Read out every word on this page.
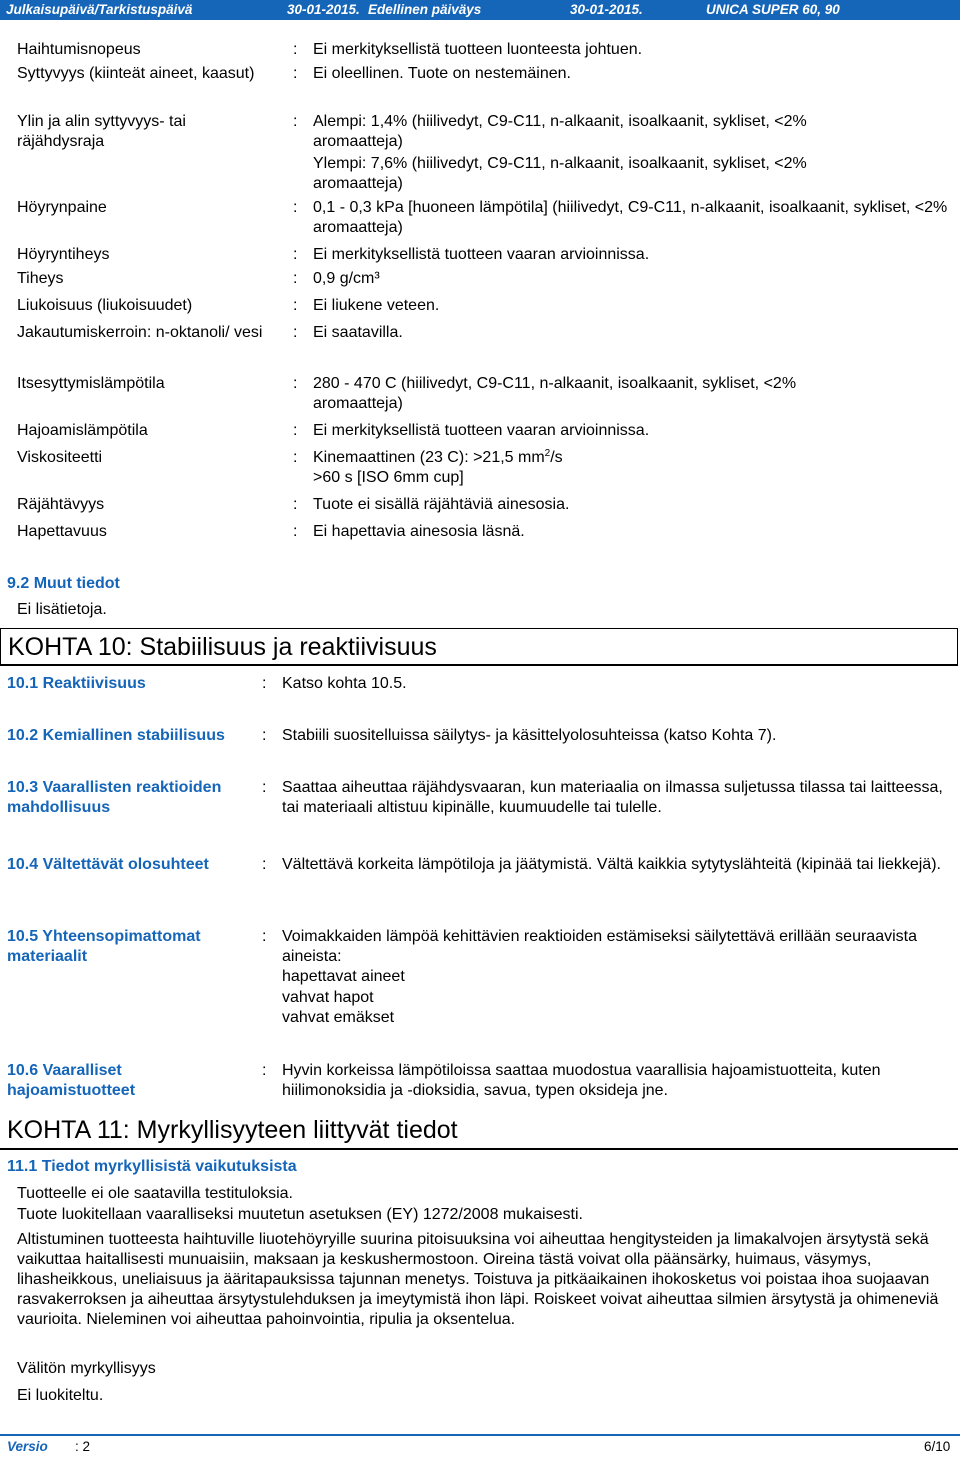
Julkaisupäivä/Tarkistuspäivä	30-01-2015. Edellinen päiväys	30-01-2015.	UNICA SUPER 60, 90
Haihtumisnopeus	: Ei merkityksellistä tuotteen luonteesta johtuen.
Syttyvyys (kiinteät aineet, kaasut) : Ei oleellinen. Tuote on nestemäinen.
Ylin ja alin syttyvyys- tai räjähdysraja
: Alempi: 1,4% (hiilivedyt, C9-C11, n-alkaanit, isoalkaanit, sykliset, <2% aromaatteja)
Ylempi: 7,6% (hiilivedyt, C9-C11, n-alkaanit, isoalkaanit, sykliset, <2% aromaatteja)
Höyrynpaine	: 0,1 - 0,3 kPa [huoneen lämpötila] (hiilivedyt, C9-C11, n-alkaanit, isoalkaanit, sykliset, <2% aromaatteja)
Höyryntiheys	: Ei merkityksellistä tuotteen vaaran arvioinnissa.
Tiheys	: 0,9 g/cm³
Liukoisuus (liukoisuudet)	: Ei liukene veteen.
Jakautumiskerroin: n-oktanoli/ vesi	: Ei saatavilla.
Itsesyttymislämpötila	: 280 - 470 C (hiilivedyt, C9-C11, n-alkaanit, isoalkaanit, sykliset, <2% aromaatteja)
Hajoamislämpötila	: Ei merkityksellistä tuotteen vaaran arvioinnissa.
Viskositeetti	: Kinemaattinen (23 C): >21,5 $mm^2/s$
>60 s [ISO 6mm cup]
Räjähtävyys	: Tuote ei sisällä räjähtäviä ainesosia.
Hapettavuus	: Ei hapettavia ainesosia läsnä.
9.2 Muut tiedot
Ei lisätietoja.
KOHTA 10: Stabiilisuus ja reaktiivisuus
10.1 Reaktiivisuus	: Katso kohta 10.5.
10.2 Kemiallinen stabiilisuus	: Stabiili suositelluissa säilytys- ja käsittelyolosuhteissa (katso Kohta 7).
10.3 Vaarallisten reaktioiden mahdollisuus
: Saattaa aiheuttaa räjähdysvaaran, kun materiaalia on ilmassa suljetussa tilassa tai laitteessa, tai materiaali altistuu kipinälle, kuumuudelle tai tulelle.
10.4 Vältettävät olosuhteet	: Vältettävä korkeita lämpötiloja ja jäätymistä. Vältä kaikkia sytytyslähteitä (kipinää tai liekkejä).
10.5 Yhteensopimattomat materiaalit
: Voimakkaiden lämpöä kehittävien reaktioiden estämiseksi säilytettävä erillään seuraavista aineista:
hapettavat aineet
vahvat hapot
vahvat emäkset
10.6 Vaaralliset hajoamistuotteet
: Hyvin korkeissa lämpötiloissa saattaa muodostua vaarallisia hajoamistuotteita, kuten hiilimonoksidia ja -dioksidia, savua, typen oksideja jne.
KOHTA 11: Myrkyllisyyteen liittyvät tiedot
11.1 Tiedot myrkyllisistä vaikutuksista
Tuotteelle ei ole saatavilla testituloksia.
Tuote luokitellaan vaaralliseksi muutetun asetuksen (EY) 1272/2008 mukaisesti.
Altistuminen tuotteesta haihtuville liuotehöyryille suurina pitoisuuksina voi aiheuttaa hengitysteiden ja limakalvojen ärsytystä sekä vaikuttaa haitallisesti munuaisiin, maksaan ja keskushermostoon. Oireina tästä voivat olla päänsärky, huimaus, väsymys, lihasheikkous, uneliaisuus ja ääritapauksissa tajunnan menetys. Toistuva ja pitkäaikainen ihokosketus voi poistaa ihoa suojaavan rasvakerroksen ja aiheuttaa ärsytystulehduksen ja imeytymistä ihon läpi. Roiskeet voivat aiheuttaa silmien ärsytystä ja ohimeneviä vaurioita. Nieleminen voi aiheuttaa pahoinvointia, ripulia ja oksentelua.
Välitön myrkyllisyys
Ei luokiteltu.
Versio : 2	6/10
